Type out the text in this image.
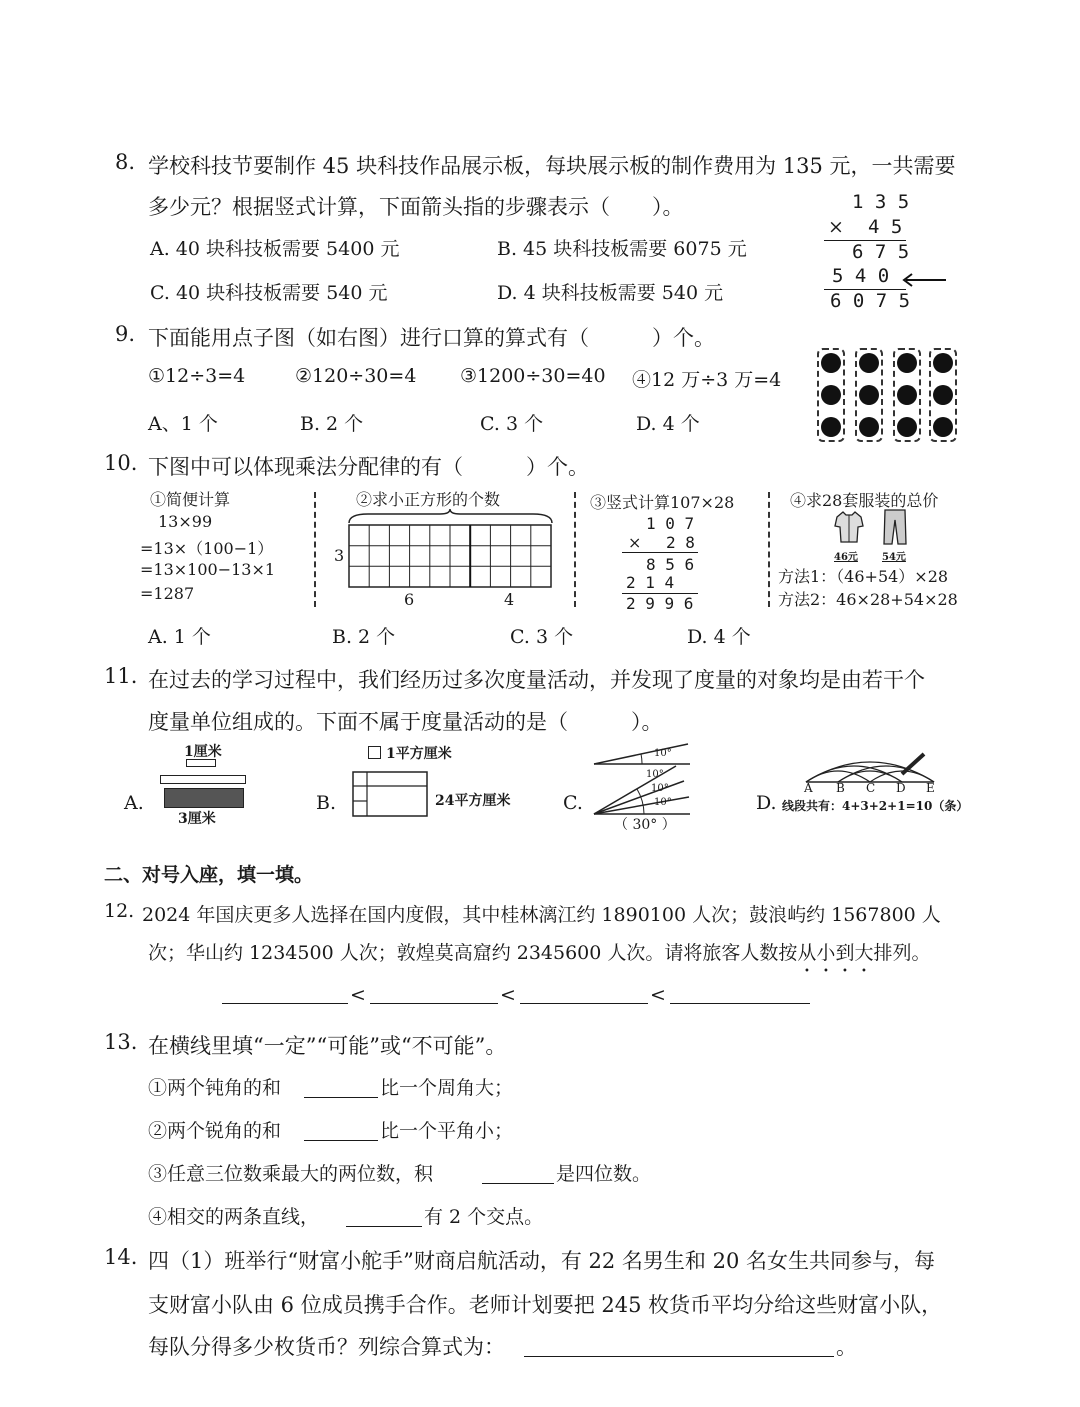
8. 学校科技节要制作 45 块科技作品展示板，每块展示板的制作费用为 135 元，一共需要
多少元？根据竖式计算，下面箭头指的步骤表示（　　）。
A. 40 块科技板需要 5400 元	B. 45 块科技板需要 6075 元
C. 40 块科技板需要 540 元	D. 4 块科技板需要 540 元
1 3 5
× 4 5
6 7 5
5 4 0
6 0 7 5
9. 下面能用点子图（如右图）进行口算的算式有（　　　）个。
①12÷3=4	②120÷30=4 ③1200÷30=40 ④12 万÷3 万=4
A、1 个	B. 2 个	C. 3 个	D. 4 个
10. 下图中可以体现乘法分配律的有（　　　）个。
①简便计算
13×99
=13×（100−1）
=13×100−13×1
=1287
②求小正方形的个数
3
6	4
③竖式计算107×28
1 0 7
× 2 8
8 5 6
2 1 4
2 9 9 6
④求28套服装的总价
46元 54元
方法1：（46+54）×28
方法2：46×28+54×28
A. 1 个	B. 2 个	C. 3 个	D. 4 个
11. 在过去的学习过程中，我们经历过多次度量活动，并发现了度量的对象均是由若干个
度量单位组成的。下面不属于度量活动的是（　　　）。
A.
1厘米
3厘米
B.
1平方厘米
24平方厘米	C.
10°
10°
10°
10°
（ 30° ）
D.
A B C D E
线段共有：4+3+2+1=10（条）
二、对号入座，填一填。
12. 2024 年国庆更多人选择在国内度假，其中桂林漓江约 1890100 人次；鼓浪屿约 1567800 人
次；华山约 1234500 人次；敦煌莫高窟约 2345600 人次。请将旅客人数按从小到大排列。
<	<	<
13. 在横线里填“一定”“可能”或“不可能”。
①两个钝角的和	比一个周角大；
②两个锐角的和	比一个平角小；
③任意三位数乘最大的两位数，积	是四位数。
④相交的两条直线，	有 2 个交点。
14. 四（1）班举行“财富小舵手”财商启航活动，有 22 名男生和 20 名女生共同参与，每
支财富小队由 6 位成员携手合作。老师计划要把 245 枚货币平均分给这些财富小队，
每队分得多少枚货币？列综合算式为：	。
